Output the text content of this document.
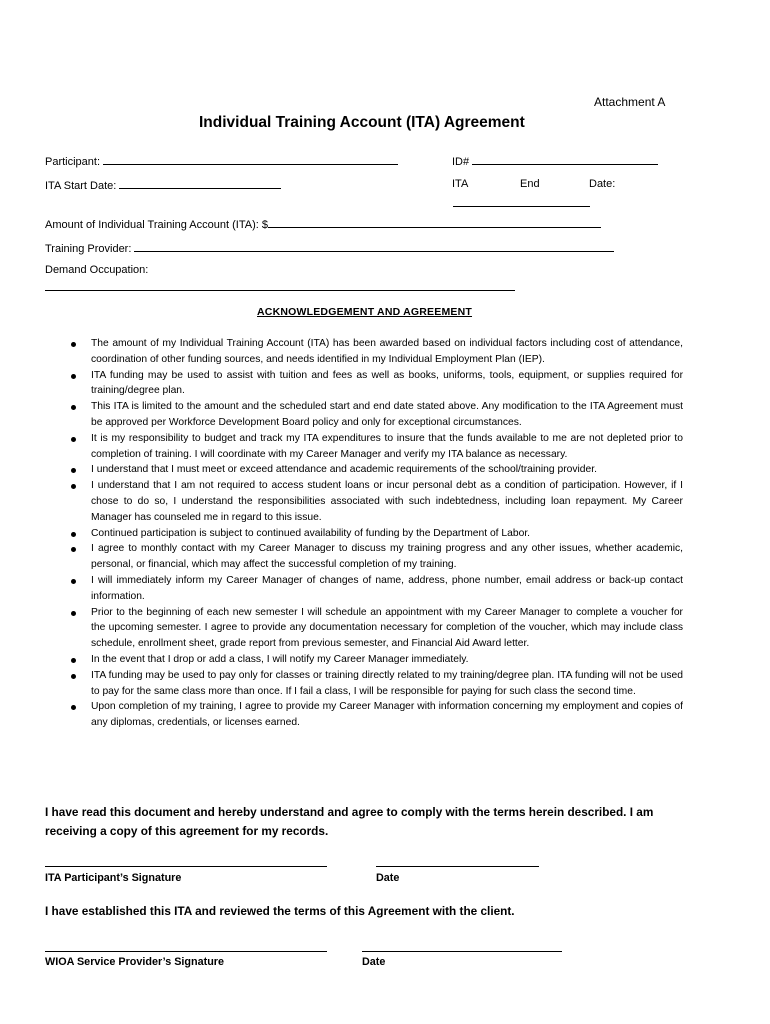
Attachment A
Individual Training Account (ITA) Agreement
Participant:	ID#
ITA Start Date:	ITA	End	Date:
Amount of Individual Training Account (ITA): $
Training Provider:
Demand Occupation:
ACKNOWLEDGEMENT AND AGREEMENT
The amount of my Individual Training Account (ITA) has been awarded based on individual factors including cost of attendance, coordination of other funding sources, and needs identified in my Individual Employment Plan (IEP).
ITA funding may be used to assist with tuition and fees as well as books, uniforms, tools, equipment, or supplies required for training/degree plan.
This ITA is limited to the amount and the scheduled start and end date stated above. Any modification to the ITA Agreement must be approved per Workforce Development Board policy and only for exceptional circumstances.
It is my responsibility to budget and track my ITA expenditures to insure that the funds available to me are not depleted prior to completion of training. I will coordinate with my Career Manager and verify my ITA balance as necessary.
I understand that I must meet or exceed attendance and academic requirements of the school/training provider.
I understand that I am not required to access student loans or incur personal debt as a condition of participation. However, if I chose to do so, I understand the responsibilities associated with such indebtedness, including loan repayment. My Career Manager has counseled me in regard to this issue.
Continued participation is subject to continued availability of funding by the Department of Labor.
I agree to monthly contact with my Career Manager to discuss my training progress and any other issues, whether academic, personal, or financial, which may affect the successful completion of my training.
I will immediately inform my Career Manager of changes of name, address, phone number, email address or back-up contact information.
Prior to the beginning of each new semester I will schedule an appointment with my Career Manager to complete a voucher for the upcoming semester. I agree to provide any documentation necessary for completion of the voucher, which may include class schedule, enrollment sheet, grade report from previous semester, and Financial Aid Award letter.
In the event that I drop or add a class, I will notify my Career Manager immediately.
ITA funding may be used to pay only for classes or training directly related to my training/degree plan. ITA funding will not be used to pay for the same class more than once. If I fail a class, I will be responsible for paying for such class the second time.
Upon completion of my training, I agree to provide my Career Manager with information concerning my employment and copies of any diplomas, credentials, or licenses earned.
I have read this document and hereby understand and agree to comply with the terms herein described. I am receiving a copy of this agreement for my records.
ITA Participant’s Signature	Date
I have established this ITA and reviewed the terms of this Agreement with the client.
WIOA Service Provider’s Signature	Date
